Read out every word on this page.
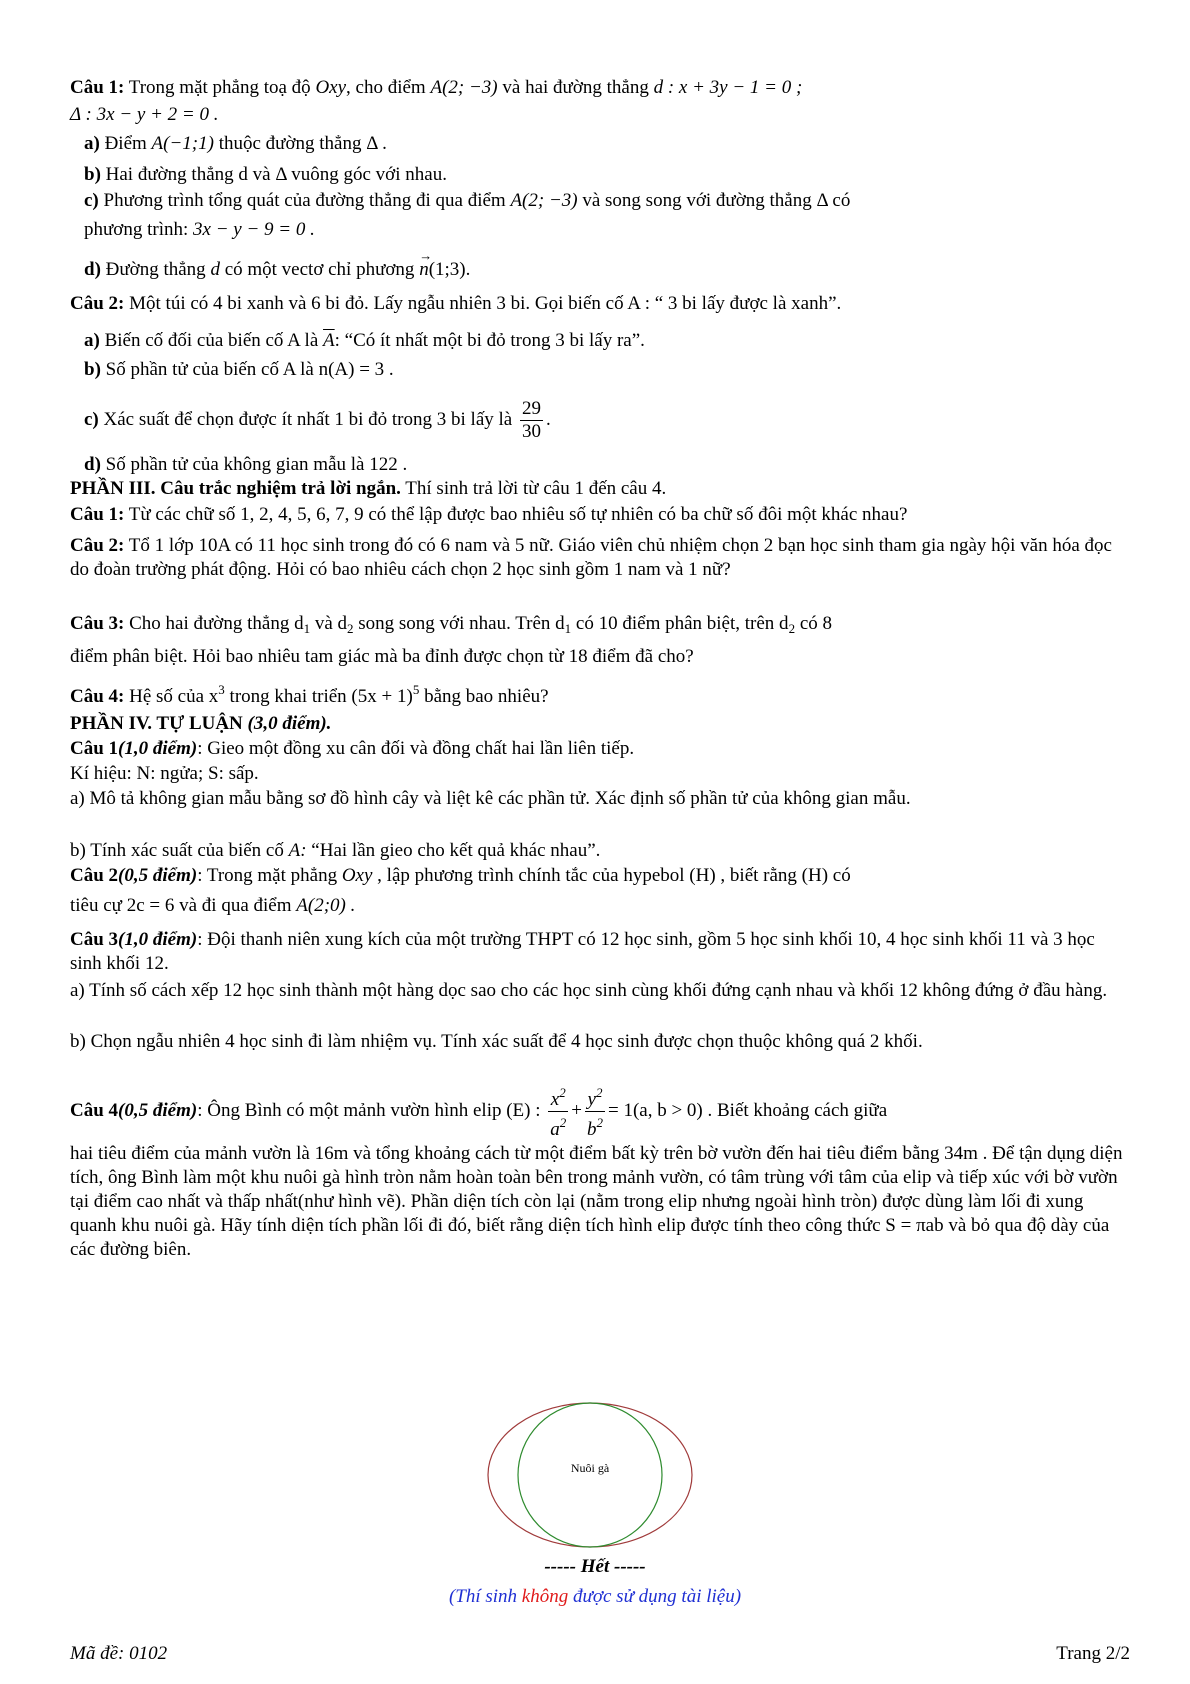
Câu 1: Trong mặt phẳng toạ độ Oxy, cho điểm A(2; −3) và hai đường thẳng d : x + 3y − 1 = 0 ;
Δ : 3x − y + 2 = 0 .
a) Điểm A(−1;1) thuộc đường thẳng Δ .
b) Hai đường thẳng d và Δ vuông góc với nhau.
c) Phương trình tổng quát của đường thẳng đi qua điểm A(2; −3) và song song với đường thẳng Δ có
phương trình: 3x − y − 9 = 0 .
d) Đường thẳng d có một vectơ chỉ phương → n(1;3).
Câu 2: Một túi có 4 bi xanh và 6 bi đỏ. Lấy ngẫu nhiên 3 bi. Gọi biến cố A : “ 3 bi lấy được là xanh”.
a) Biến cố đối của biến cố A là $\overline{A}$: “Có ít nhất một bi đỏ trong 3 bi lấy ra”.
b) Số phần tử của biến cố A là n(A) = 3 .
c) Xác suất để chọn được ít nhất 1 bi đỏ trong 3 bi lấy là $\frac{29}{30}$ .
d) Số phần tử của không gian mẫu là 122 .
PHẦN III. Câu trắc nghiệm trả lời ngắn. Thí sinh trả lời từ câu 1 đến câu 4.
Câu 1: Từ các chữ số 1, 2, 4, 5, 6, 7, 9 có thể lập được bao nhiêu số tự nhiên có ba chữ số đôi một khác nhau?
Câu 2: Tổ 1 lớp 10A có 11 học sinh trong đó có 6 nam và 5 nữ. Giáo viên chủ nhiệm chọn 2 bạn học sinh tham gia ngày hội văn hóa đọc do đoàn trường phát động. Hỏi có bao nhiêu cách chọn 2 học sinh gồm 1 nam và 1 nữ?
Câu 3: Cho hai đường thẳng $d_1$ và $d_2$ song song với nhau. Trên $d_1$ có 10 điểm phân biệt, trên $d_2$ có 8
điểm phân biệt. Hỏi bao nhiêu tam giác mà ba đỉnh được chọn từ 18 điểm đã cho?
Câu 4: Hệ số của $x^3$ trong khai triển $(5x + 1)^5$ bằng bao nhiêu?
PHẦN IV. TỰ LUẬN (3,0 điểm).
Câu 1(1,0 điểm): Gieo một đồng xu cân đối và đồng chất hai lần liên tiếp.
Kí hiệu: N: ngửa; S: sấp.
a) Mô tả không gian mẫu bằng sơ đồ hình cây và liệt kê các phần tử. Xác định số phần tử của không gian mẫu.
b) Tính xác suất của biến cố A: “Hai lần gieo cho kết quả khác nhau”.
Câu 2(0,5 điểm): Trong mặt phẳng Oxy , lập phương trình chính tắc của hypebol (H) , biết rằng (H) có
tiêu cự 2c = 6 và đi qua điểm A(2;0) .
Câu 3(1,0 điểm): Đội thanh niên xung kích của một trường THPT có 12 học sinh, gồm 5 học sinh khối 10, 4 học sinh khối 11 và 3 học sinh khối 12.
a) Tính số cách xếp 12 học sinh thành một hàng dọc sao cho các học sinh cùng khối đứng cạnh nhau và khối 12 không đứng ở đầu hàng.
b) Chọn ngẫu nhiên 4 học sinh đi làm nhiệm vụ. Tính xác suất để 4 học sinh được chọn thuộc không quá 2 khối.
Câu 4(0,5 điểm): Ông Bình có một mảnh vườn hình elip (E) : $\frac{x^2}{a^2} + \frac{y^2}{b^2} = 1(a$, b > 0) . Biết khoảng cách giữa
hai tiêu điểm của mảnh vườn là 16m và tổng khoảng cách từ một điểm bất kỳ trên bờ vườn đến hai tiêu điểm bằng 34m . Để tận dụng diện tích, ông Bình làm một khu nuôi gà hình tròn nằm hoàn toàn bên trong mảnh vườn, có tâm trùng với tâm của elip và tiếp xúc với bờ vườn tại điểm cao nhất và thấp nhất(như hình vẽ). Phần diện tích còn lại (nằm trong elip nhưng ngoài hình tròn) được dùng làm lối đi xung quanh khu nuôi gà. Hãy tính diện tích phần lối đi đó, biết rằng diện tích hình elip được tính theo công thức S = πab và bỏ qua độ dày của các đường biên.
Nuôi gà
----- Hết -----
(Thí sinh không được sử dụng tài liệu)
Mã đề: 0102	Trang 2/2
